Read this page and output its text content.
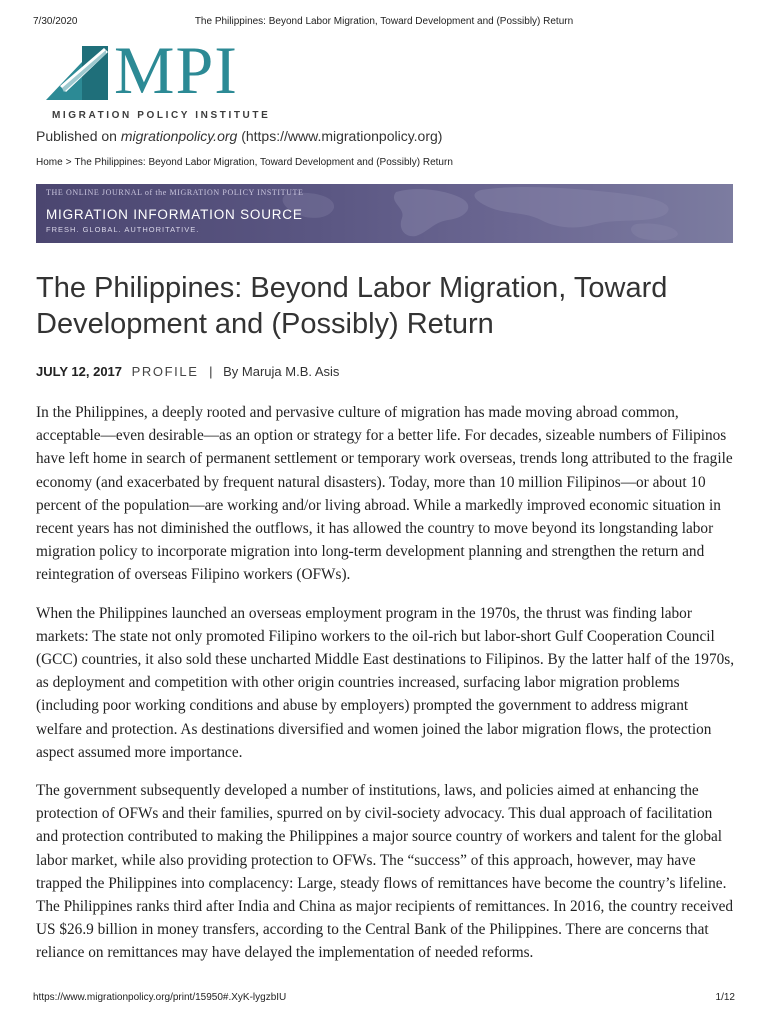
7/30/2020	The Philippines: Beyond Labor Migration, Toward Development and (Possibly) Return
MPI
MIGRATION POLICY INSTITUTE
Published on migrationpolicy.org (https://www.migrationpolicy.org)
Home > The Philippines: Beyond Labor Migration, Toward Development and (Possibly) Return
THE ONLINE JOURNAL of the MIGRATION POLICY INSTITUTE
MIGRATION INFORMATION SOURCE
FRESH. GLOBAL. AUTHORITATIVE.
The Philippines: Beyond Labor Migration, Toward Development and (Possibly) Return
JULY 12, 2017 PROFILE | By Maruja M.B. Asis

In the Philippines, a deeply rooted and pervasive culture of migration has made moving abroad common, acceptable—even desirable—as an option or strategy for a better life. For decades, sizeable numbers of Filipinos have left home in search of permanent settlement or temporary work overseas, trends long attributed to the fragile economy (and exacerbated by frequent natural disasters). Today, more than 10 million Filipinos—or about 10 percent of the population—are working and/or living abroad. While a markedly improved economic situation in recent years has not diminished the outflows, it has allowed the country to move beyond its longstanding labor migration policy to incorporate migration into long-term development planning and strengthen the return and reintegration of overseas Filipino workers (OFWs).

When the Philippines launched an overseas employment program in the 1970s, the thrust was finding labor markets: The state not only promoted Filipino workers to the oil-rich but labor-short Gulf Cooperation Council (GCC) countries, it also sold these uncharted Middle East destinations to Filipinos. By the latter half of the 1970s, as deployment and competition with other origin countries increased, surfacing labor migration problems (including poor working conditions and abuse by employers) prompted the government to address migrant welfare and protection. As destinations diversified and women joined the labor migration flows, the protection aspect assumed more importance.

The government subsequently developed a number of institutions, laws, and policies aimed at enhancing the protection of OFWs and their families, spurred on by civil-society advocacy. This dual approach of facilitation and protection contributed to making the Philippines a major source country of workers and talent for the global labor market, while also providing protection to OFWs. The “success” of this approach, however, may have trapped the Philippines into complacency: Large, steady flows of remittances have become the country’s lifeline. The Philippines ranks third after India and China as major recipients of remittances. In 2016, the country received US $26.9 billion in money transfers, according to the Central Bank of the Philippines. There are concerns that reliance on remittances may have delayed the implementation of needed reforms.

https://www.migrationpolicy.org/print/15950#.XyK-lygzbIU	1/12
